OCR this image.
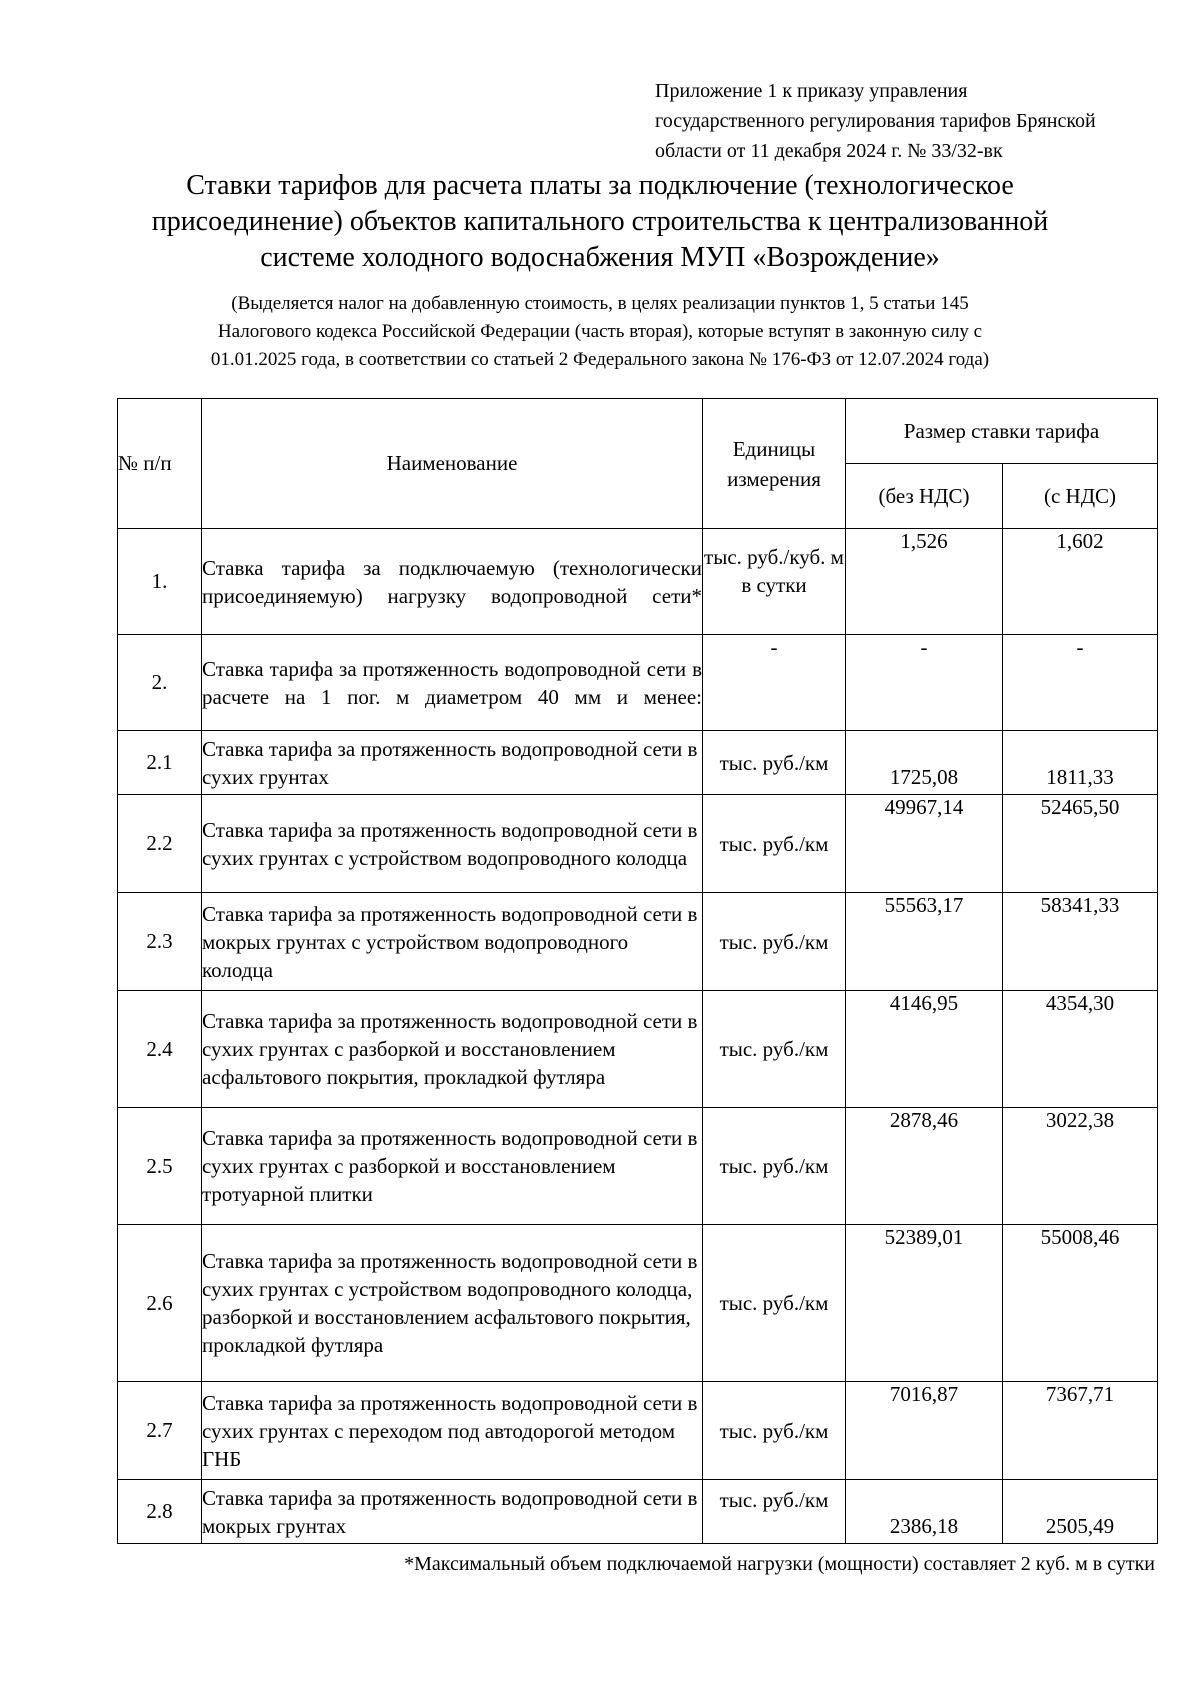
Приложение 1 к приказу управления
государственного регулирования тарифов Брянской
области от 11 декабря 2024 г. № 33/32-вк
Ставки тарифов для расчета платы за подключение (технологическое
присоединение) объектов капитального строительства к централизованной
системе холодного водоснабжения МУП «Возрождение»
(Выделяется налог на добавленную стоимость, в целях реализации пунктов 1, 5 статьи 145
Налогового кодекса Российской Федерации (часть вторая), которые вступят в законную силу с
01.01.2025 года, в соответствии со статьей 2 Федерального закона № 176-ФЗ от 12.07.2024 года)
№ п/п	Наименование	Единицы измерения	Размер ставки тарифа	
			(без НДС)	(с НДС)
1.	Ставка тарифа за подключаемую (технологически присоединяемую) нагрузку водопроводной сети*	тыс. руб./куб. м в сутки	1,526	1,602
2.	Ставка тарифа за протяженность водопроводной сети в расчете на 1 пог. м диаметром 40 мм и менее:	-	-	-
2.1	Ставка тарифа за протяженность водопроводной сети в сухих грунтах	тыс. руб./км	1725,08	1811,33
2.2	Ставка тарифа за протяженность водопроводной сети в сухих грунтах с устройством водопроводного колодца	тыс. руб./км	49967,14	52465,50
2.3	Ставка тарифа за протяженность водопроводной сети в мокрых грунтах с устройством водопроводного колодца	тыс. руб./км	55563,17	58341,33
2.4	Ставка тарифа за протяженность водопроводной сети в сухих грунтах с разборкой и восстановлением асфальтового покрытия, прокладкой футляра	тыс. руб./км	4146,95	4354,30
2.5	Ставка тарифа за протяженность водопроводной сети в сухих грунтах с разборкой и восстановлением тротуарной плитки	тыс. руб./км	2878,46	3022,38
2.6	Ставка тарифа за протяженность водопроводной сети в сухих грунтах с устройством водопроводного колодца, разборкой и восстановлением асфальтового покрытия, прокладкой футляра	тыс. руб./км	52389,01	55008,46
2.7	Ставка тарифа за протяженность водопроводной сети в сухих грунтах с переходом под автодорогой методом ГНБ	тыс. руб./км	7016,87	7367,71
2.8	Ставка тарифа за протяженность водопроводной сети в мокрых грунтах	тыс. руб./км	2386,18	2505,49
*Максимальный объем подключаемой нагрузки (мощности) составляет 2 куб. м в сутки
